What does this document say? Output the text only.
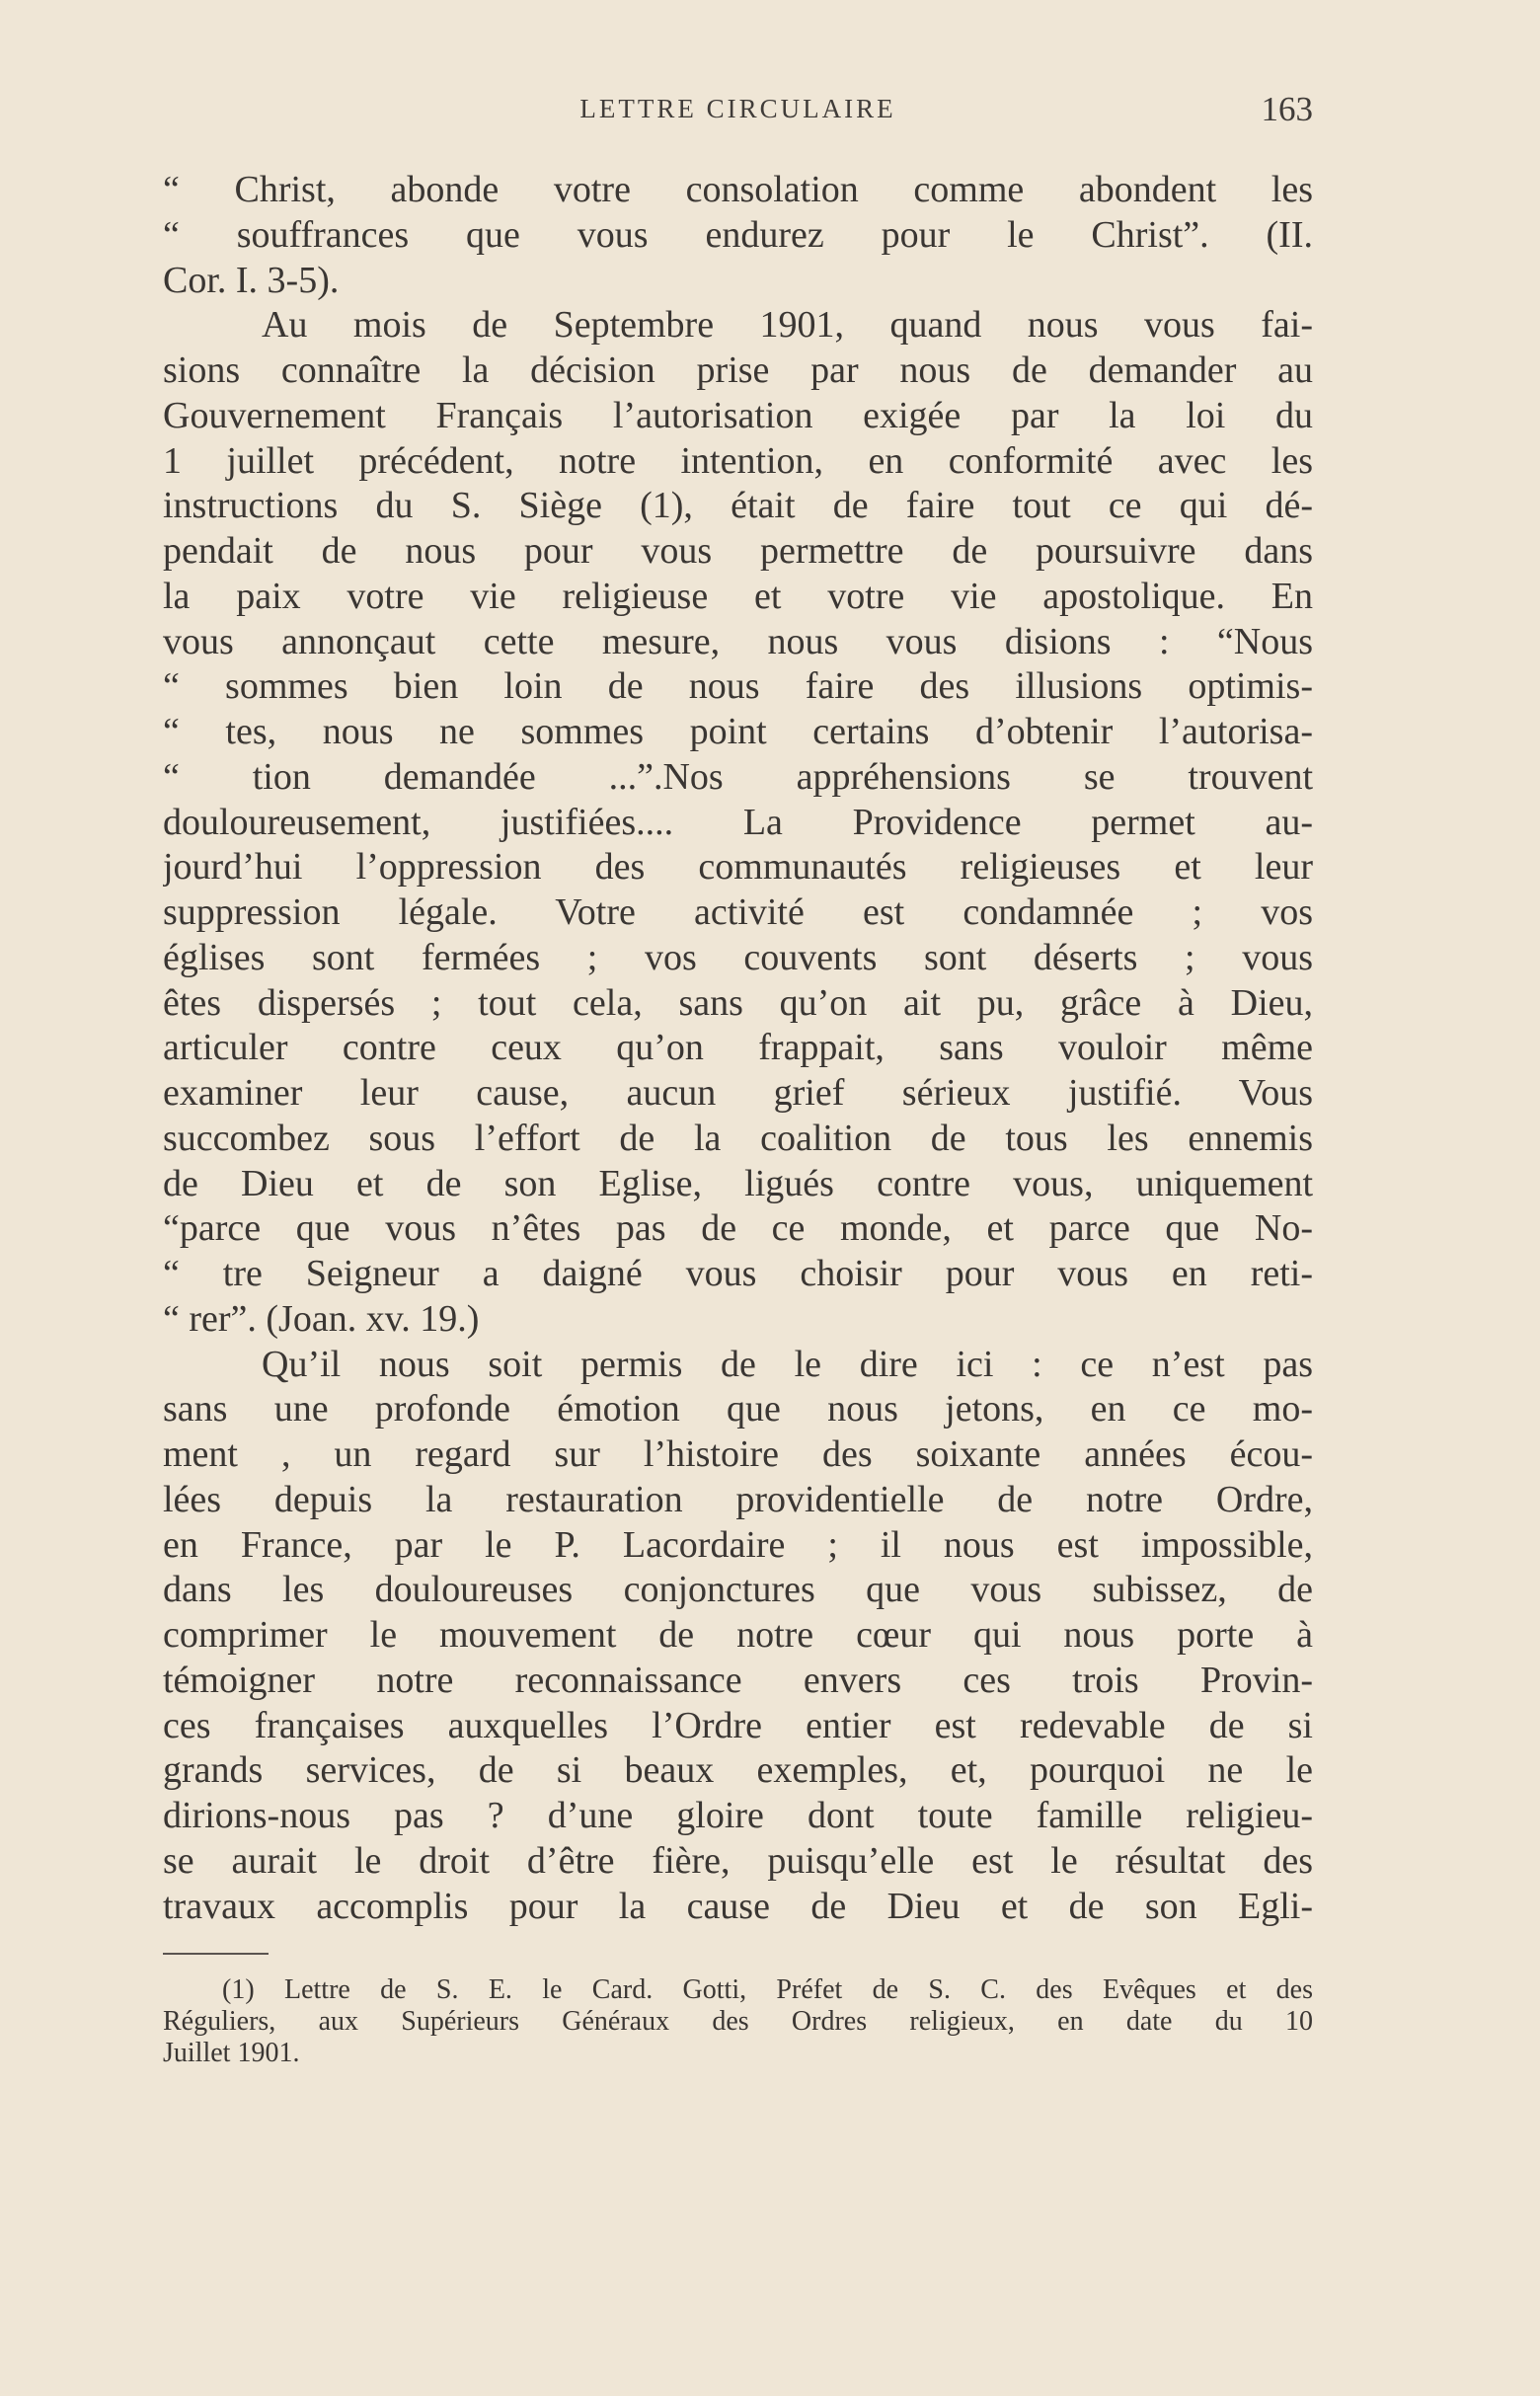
LETTRE CIRCULAIRE	163
“ Christ, abonde votre consolation comme abondent les
“ souffrances que vous endurez pour le Christ”. (II.
Cor. I. 3-5).
Au mois de Septembre 1901, quand nous vous fai-
sions connaître la décision prise par nous de demander au
Gouvernement Français l’autorisation exigée par la loi du
1 juillet précédent, notre intention, en conformité avec les
instructions du S. Siège (1), était de faire tout ce qui dé-
pendait de nous pour vous permettre de poursuivre dans
la paix votre vie religieuse et votre vie apostolique. En
vous annonçaut cette mesure, nous vous disions : “Nous
“ sommes bien loin de nous faire des illusions optimis-
“ tes, nous ne sommes point certains d’obtenir l’autorisa-
“ tion demandée ...”.Nos appréhensions se trouvent
douloureusement, justifiées.... La Providence permet au-
jourd’hui l’oppression des communautés religieuses et leur
suppression légale. Votre activité est condamnée ; vos
églises sont fermées ; vos couvents sont déserts ; vous
êtes dispersés ; tout cela, sans qu’on ait pu, grâce à Dieu,
articuler contre ceux qu’on frappait, sans vouloir même
examiner leur cause, aucun grief sérieux justifié. Vous
succombez sous l’effort de la coalition de tous les ennemis
de Dieu et de son Eglise, ligués contre vous, uniquement
“parce que vous n’êtes pas de ce monde, et parce que No-
“ tre Seigneur a daigné vous choisir pour vous en reti-
“ rer”. (Joan. xv. 19.)
Qu’il nous soit permis de le dire ici : ce n’est pas
sans une profonde émotion que nous jetons, en ce mo-
ment , un regard sur l’histoire des soixante années écou-
lées depuis la restauration providentielle de notre Ordre,
en France, par le P. Lacordaire ; il nous est impossible,
dans les douloureuses conjonctures que vous subissez, de
comprimer le mouvement de notre cœur qui nous porte à
témoigner notre reconnaissance envers ces trois Provin-
ces françaises auxquelles l’Ordre entier est redevable de si
grands services, de si beaux exemples, et, pourquoi ne le
dirions-nous pas ? d’une gloire dont toute famille religieu-
se aurait le droit d’être fière, puisqu’elle est le résultat des
travaux accomplis pour la cause de Dieu et de son Egli-
(1) Lettre de S. E. le Card. Gotti, Préfet de S. C. des Evêques et des
Réguliers, aux Supérieurs Généraux des Ordres religieux, en date du 10
Juillet 1901.
